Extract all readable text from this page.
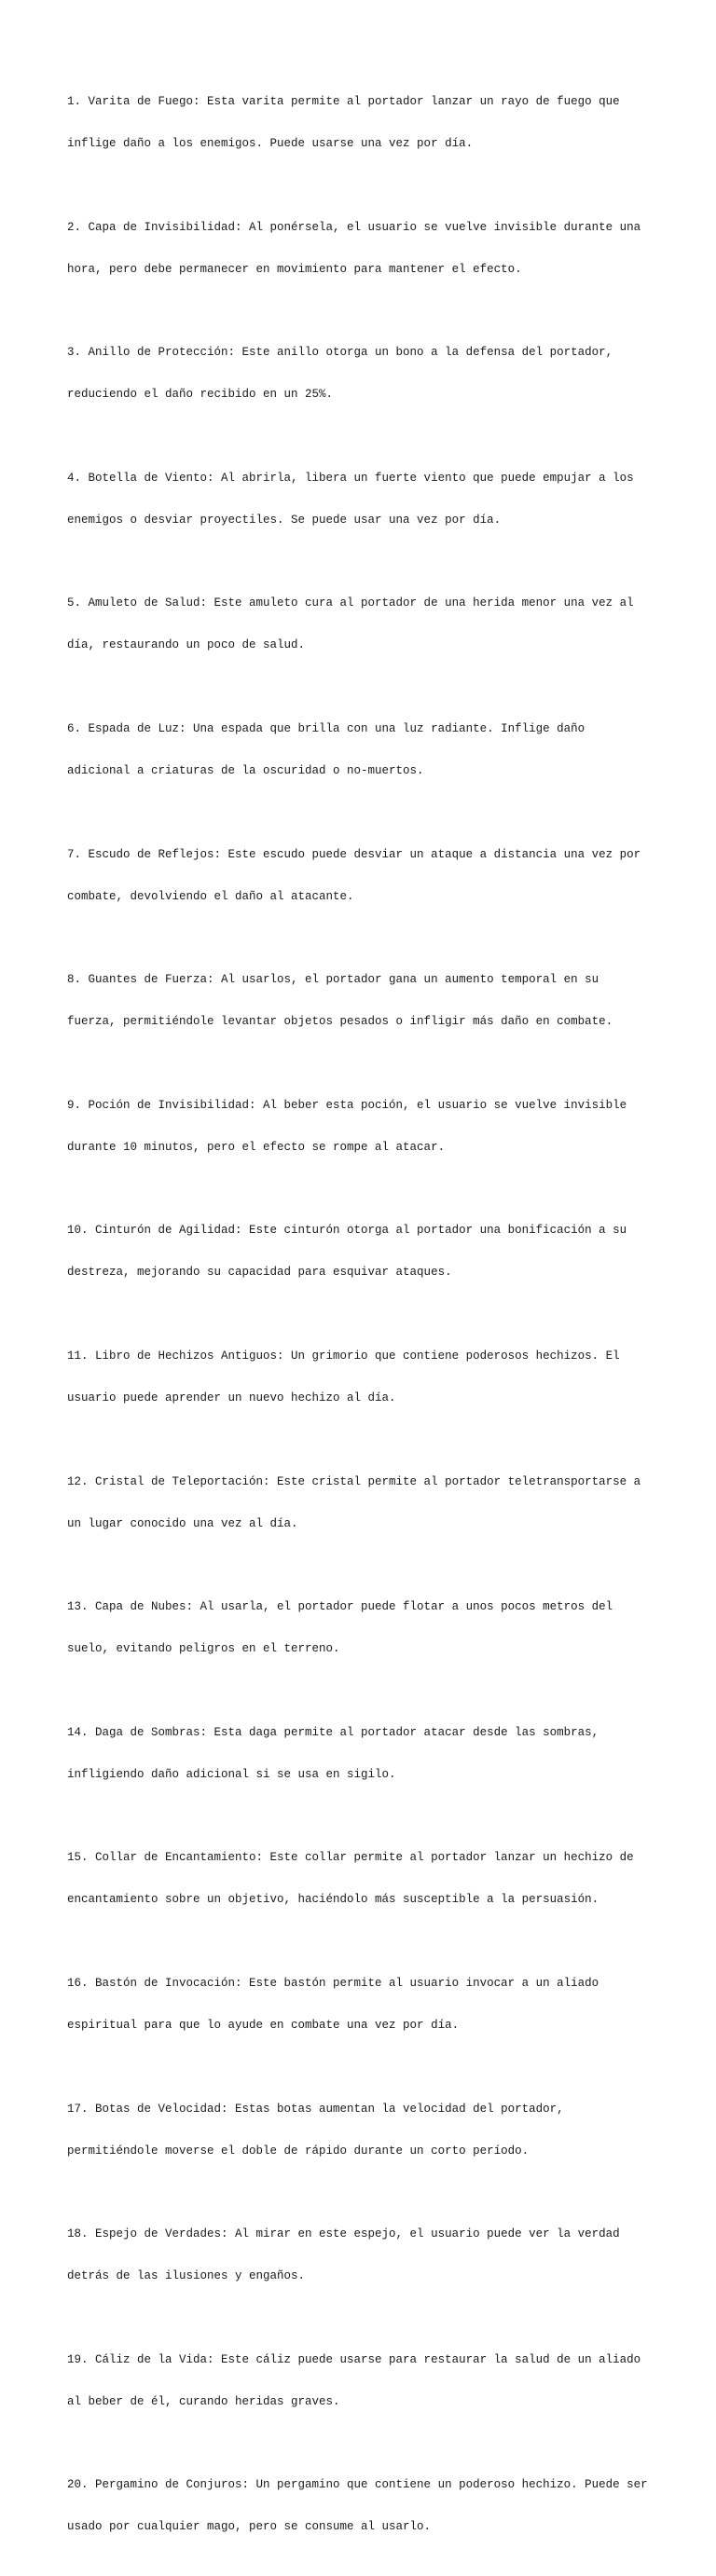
1. Varita de Fuego: Esta varita permite al portador lanzar un rayo de fuego que

inflige daño a los enemigos. Puede usarse una vez por día.

2. Capa de Invisibilidad: Al ponérsela, el usuario se vuelve invisible durante una

hora, pero debe permanecer en movimiento para mantener el efecto.

3. Anillo de Protección: Este anillo otorga un bono a la defensa del portador,

reduciendo el daño recibido en un 25%.

4. Botella de Viento: Al abrirla, libera un fuerte viento que puede empujar a los

enemigos o desviar proyectiles. Se puede usar una vez por día.

5. Amuleto de Salud: Este amuleto cura al portador de una herida menor una vez al

día, restaurando un poco de salud.

6. Espada de Luz: Una espada que brilla con una luz radiante. Inflige daño

adicional a criaturas de la oscuridad o no-muertos.

7. Escudo de Reflejos: Este escudo puede desviar un ataque a distancia una vez por

combate, devolviendo el daño al atacante.

8. Guantes de Fuerza: Al usarlos, el portador gana un aumento temporal en su

fuerza, permitiéndole levantar objetos pesados o infligir más daño en combate.

9. Poción de Invisibilidad: Al beber esta poción, el usuario se vuelve invisible

durante 10 minutos, pero el efecto se rompe al atacar.

10. Cinturón de Agilidad: Este cinturón otorga al portador una bonificación a su

destreza, mejorando su capacidad para esquivar ataques.

11. Libro de Hechizos Antiguos: Un grimorio que contiene poderosos hechizos. El

usuario puede aprender un nuevo hechizo al día.

12. Cristal de Teleportación: Este cristal permite al portador teletransportarse a

un lugar conocido una vez al día.

13. Capa de Nubes: Al usarla, el portador puede flotar a unos pocos metros del

suelo, evitando peligros en el terreno.

14. Daga de Sombras: Esta daga permite al portador atacar desde las sombras,

infligiendo daño adicional si se usa en sigilo.

15. Collar de Encantamiento: Este collar permite al portador lanzar un hechizo de

encantamiento sobre un objetivo, haciéndolo más susceptible a la persuasión.

16. Bastón de Invocación: Este bastón permite al usuario invocar a un aliado

espiritual para que lo ayude en combate una vez por día.

17. Botas de Velocidad: Estas botas aumentan la velocidad del portador,

permitiéndole moverse el doble de rápido durante un corto período.

18. Espejo de Verdades: Al mirar en este espejo, el usuario puede ver la verdad

detrás de las ilusiones y engaños.

19. Cáliz de la Vida: Este cáliz puede usarse para restaurar la salud de un aliado

al beber de él, curando heridas graves.

20. Pergamino de Conjuros: Un pergamino que contiene un poderoso hechizo. Puede ser

usado por cualquier mago, pero se consume al usarlo.
